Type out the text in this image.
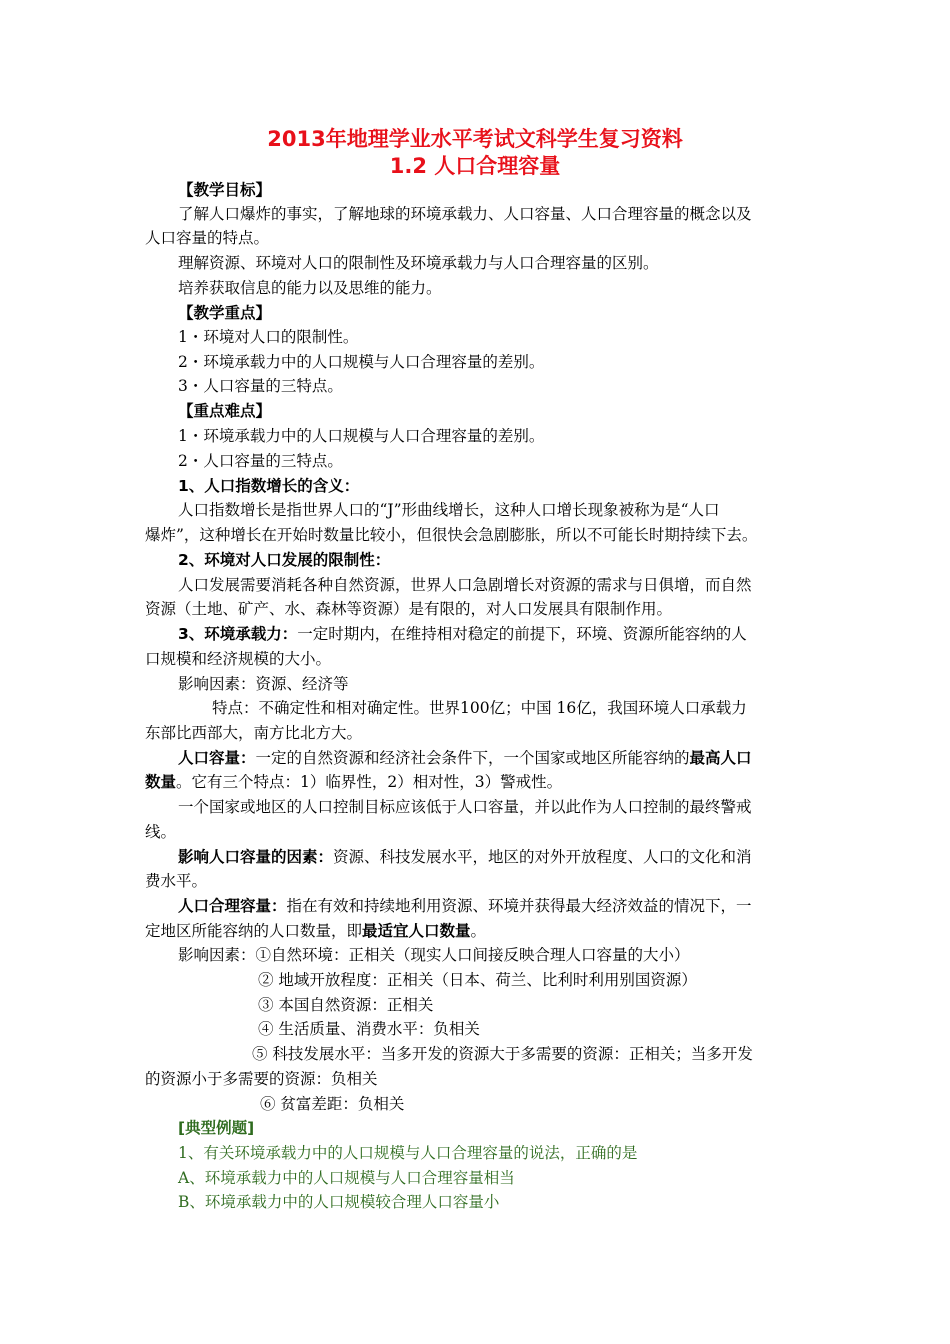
2013年地理学业水平考试文科学生复习资料
1.2 人口合理容量
【教学目标】
了解人口爆炸的事实，了解地球的环境承载力、人口容量、人口合理容量的概念以及
人口容量的特点。
理解资源、环境对人口的限制性及环境承载力与人口合理容量的区别。
培养获取信息的能力以及思维的能力。
【教学重点】
1・环境对人口的限制性。
2・环境承载力中的人口规模与人口合理容量的差别。
3・人口容量的三特点。
【重点难点】
1・环境承载力中的人口规模与人口合理容量的差别。
2・人口容量的三特点。
1、人口指数增长的含义：
人口指数增长是指世界人口的“J”形曲线增长，这种人口增长现象被称为是“人口
爆炸”，这种增长在开始时数量比较小，但很快会急剧膨胀，所以不可能长时期持续下去。
2、环境对人口发展的限制性：
人口发展需要消耗各种自然资源，世界人口急剧增长对资源的需求与日俱增，而自然
资源（土地、矿产、水、森林等资源）是有限的，对人口发展具有限制作用。
3、环境承载力：一定时期内，在维持相对稳定的前提下，环境、资源所能容纳的人
口规模和经济规模的大小。
影响因素：资源、经济等
特点：不确定性和相对确定性。世界100亿；中国 16亿，我国环境人口承载力
东部比西部大，南方比北方大。
人口容量：一定的自然资源和经济社会条件下，一个国家或地区所能容纳的最高人口
数量。它有三个特点：1）临界性，2）相对性，3）警戒性。
一个国家或地区的人口控制目标应该低于人口容量，并以此作为人口控制的最终警戒
线。
影响人口容量的因素：资源、科技发展水平，地区的对外开放程度、人口的文化和消
费水平。
人口合理容量：指在有效和持续地利用资源、环境并获得最大经济效益的情况下，一
定地区所能容纳的人口数量，即最适宜人口数量。
影响因素：①自然环境：正相关（现实人口间接反映合理人口容量的大小）
② 地域开放程度：正相关（日本、荷兰、比利时利用别国资源）
③ 本国自然资源：正相关
④ 生活质量、消费水平：负相关
⑤ 科技发展水平：当多开发的资源大于多需要的资源：正相关；当多开发
的资源小于多需要的资源：负相关
⑥ 贫富差距：负相关
[典型例题]
1、有关环境承载力中的人口规模与人口合理容量的说法，正确的是
A、环境承载力中的人口规模与人口合理容量相当
B、环境承载力中的人口规模较合理人口容量小
